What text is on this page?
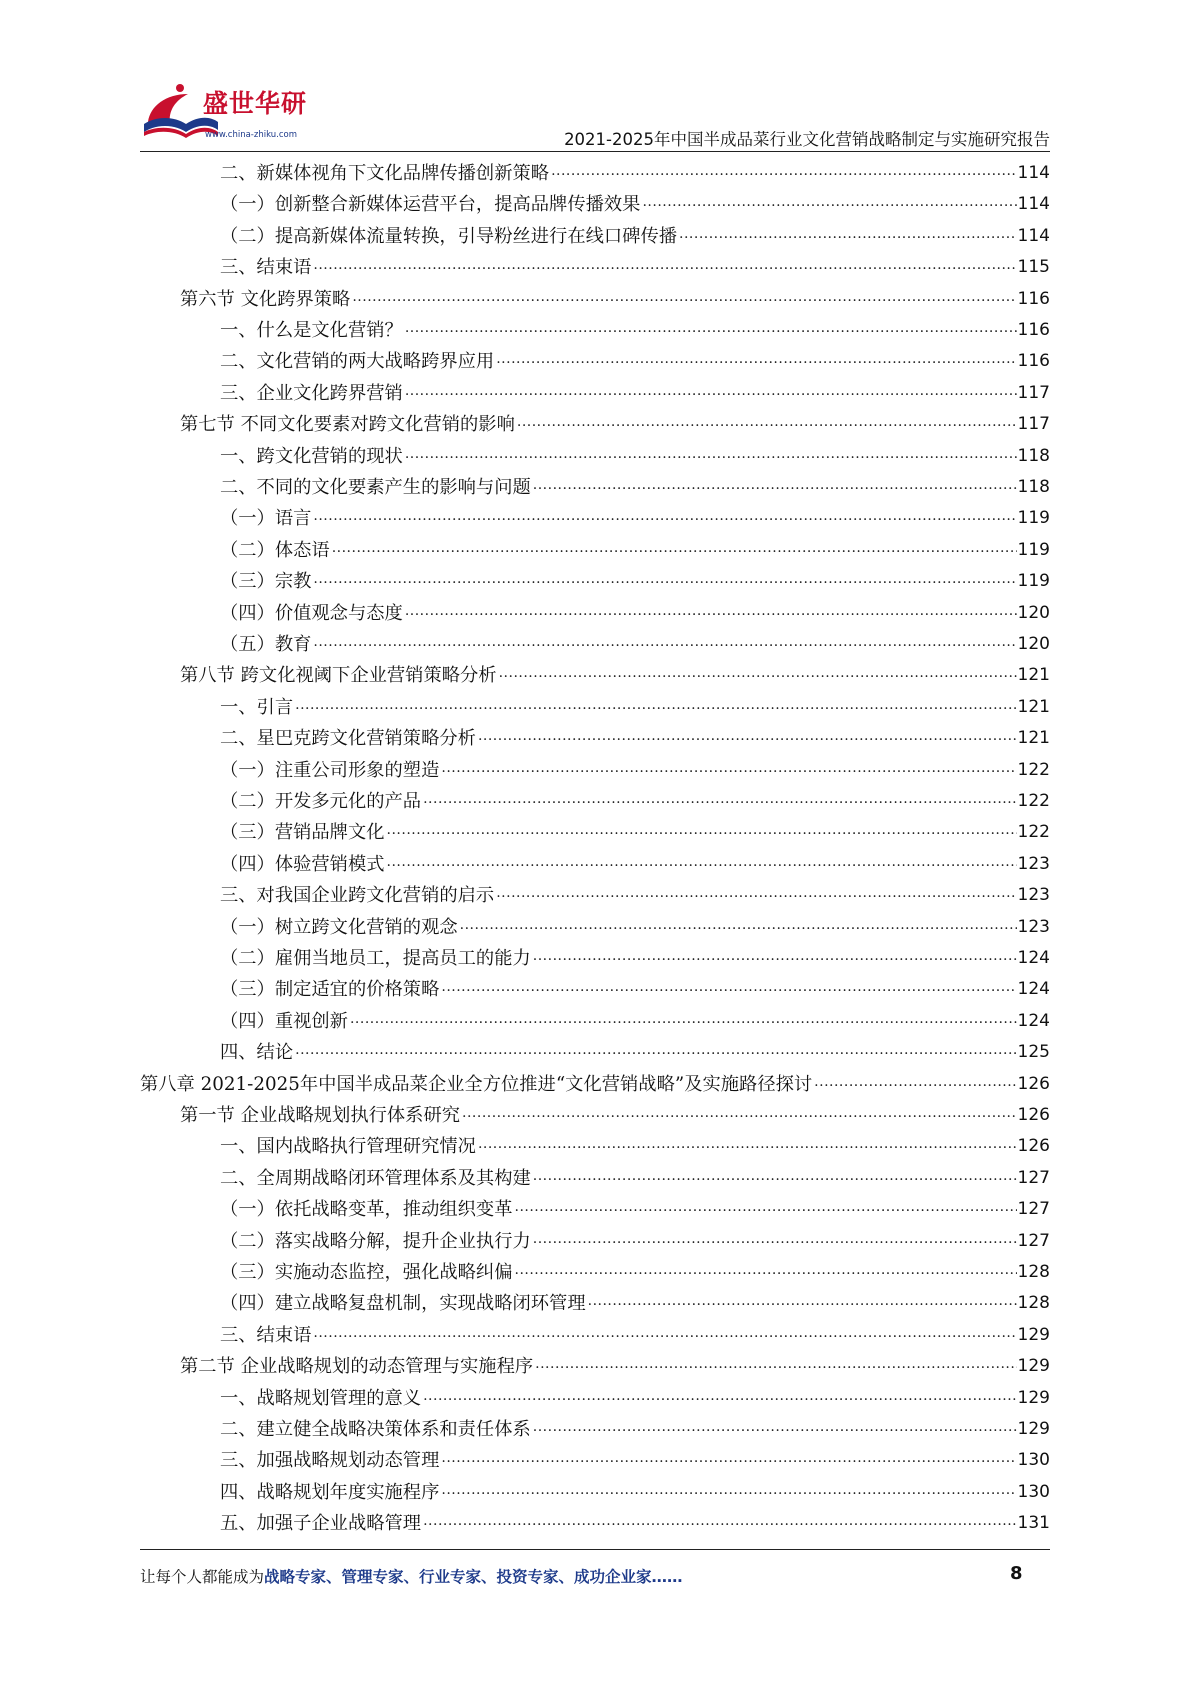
盛世华研
www.china-zhiku.com	2021-2025年中国半成品菜行业文化营销战略制定与实施研究报告
二、新媒体视角下文化品牌传播创新策略 .....	114
（一）创新整合新媒体运营平台，提高品牌传播效果 .....	114
（二）提高新媒体流量转换，引导粉丝进行在线口碑传播 .....	114
三、结束语 .....	115
第六节 文化跨界策略 .....	116
一、什么是文化营销？ .....	116
二、文化营销的两大战略跨界应用 .....	116
三、企业文化跨界营销 .....	117
第七节 不同文化要素对跨文化营销的影响 .....	117
一、跨文化营销的现状 .....	118
二、不同的文化要素产生的影响与问题 .....	118
（一）语言 .....	119
（二）体态语 .....	119
（三）宗教 .....	119
（四）价值观念与态度 .....	120
（五）教育 .....	120
第八节 跨文化视阈下企业营销策略分析 .....	121
一、引言 .....	121
二、星巴克跨文化营销策略分析 .....	121
（一）注重公司形象的塑造 .....	122
（二）开发多元化的产品 .....	122
（三）营销品牌文化 .....	122
（四）体验营销模式 .....	123
三、对我国企业跨文化营销的启示 .....	123
（一）树立跨文化营销的观念 .....	123
（二）雇佣当地员工，提高员工的能力 .....	124
（三）制定适宜的价格策略 .....	124
（四）重视创新 .....	124
四、结论 .....	125
第八章 2021-2025年中国半成品菜企业全方位推进“文化营销战略”及实施路径探讨 .....	126
第一节 企业战略规划执行体系研究 .....	126
一、国内战略执行管理研究情况 .....	126
二、全周期战略闭环管理体系及其构建 .....	127
（一）依托战略变革，推动组织变革 .....	127
（二）落实战略分解，提升企业执行力 .....	127
（三）实施动态监控，强化战略纠偏 .....	128
（四）建立战略复盘机制，实现战略闭环管理 .....	128
三、结束语 .....	129
第二节 企业战略规划的动态管理与实施程序 .....	129
一、战略规划管理的意义 .....	129
二、建立健全战略决策体系和责任体系 .....	129
三、加强战略规划动态管理 .....	130
四、战略规划年度实施程序 .....	130
五、加强子企业战略管理 .....	131
让每个人都能成为战略专家、管理专家、行业专家、投资专家、成功企业家……	8
